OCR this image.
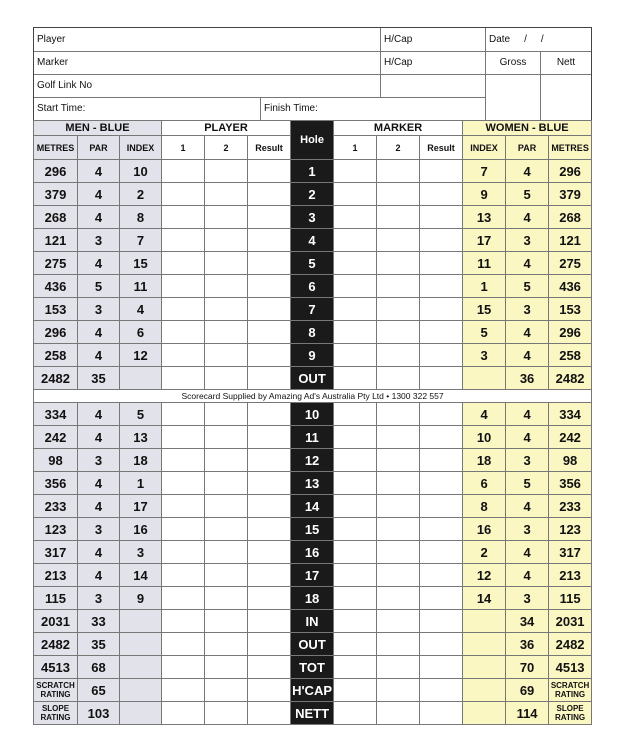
Player	H/Cap	Date / /
Marker	H/Cap	Gross	Nett
Golf Link No
Start Time:	Finish Time:
MEN - BLUE			PLAYER			Hole	MARKER			WOMEN - BLUE		
METRES	PAR	INDEX	1	2	Result		1	2	Result	INDEX	PAR	METRES
296	4	10				1				7	4	296
379	4	2				2				9	5	379
268	4	8				3				13	4	268
121	3	7				4				17	3	121
275	4	15				5				11	4	275
436	5	11				6				1	5	436
153	3	4				7				15	3	153
296	4	6				8				5	4	296
258	4	12				9				3	4	258
2482	35					OUT					36	2482
Scorecard Supplied by Amazing Ad's Australia Pty Ltd • 1300 322 557												
334	4	5				10				4	4	334
242	4	13				11				10	4	242
98	3	18				12				18	3	98
356	4	1				13				6	5	356
233	4	17				14				8	4	233
123	3	16				15				16	3	123
317	4	3				16				2	4	317
213	4	14				17				12	4	213
115	3	9				18				14	3	115
2031	33					IN					34	2031
2482	35					OUT					36	2482
4513	68					TOT					70	4513
SCRATCH RATING	65					H'CAP					69	SCRATCH RATING
SLOPE RATING	103					NETT					114	SLOPE RATING
